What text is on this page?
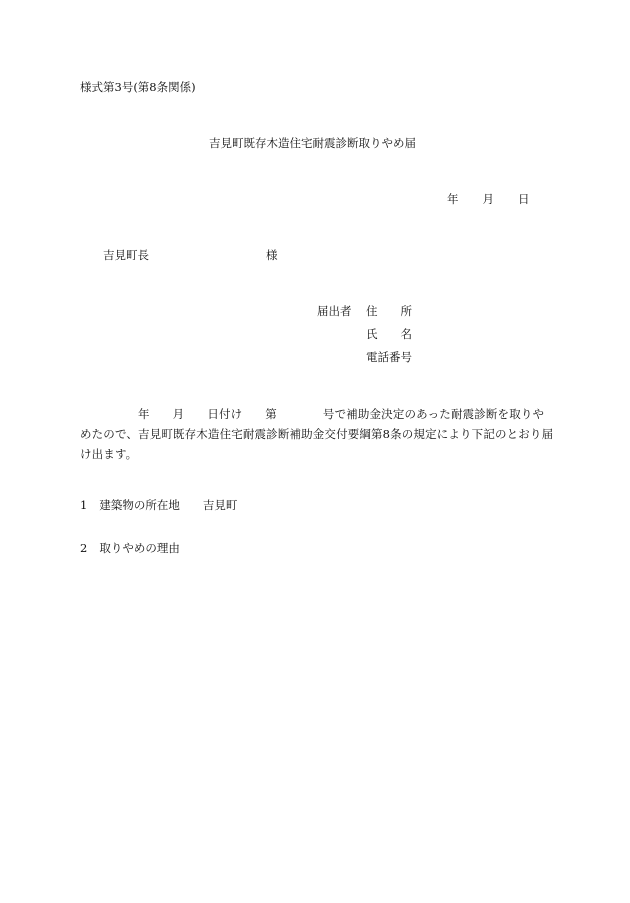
様式第3号(第8条関係)
吉見町既存木造住宅耐震診断取りやめ届
年 月 日
吉見町長	様
届出者 住 所
氏 名
電話番号
年 月 日付け 第	号で補助金決定のあった耐震診断を取りや
めたので、吉見町既存木造住宅耐震診断補助金交付要綱第8条の規定により下記のとおり届
け出ます。
1 建築物の所在地 吉見町
2 取りやめの理由
